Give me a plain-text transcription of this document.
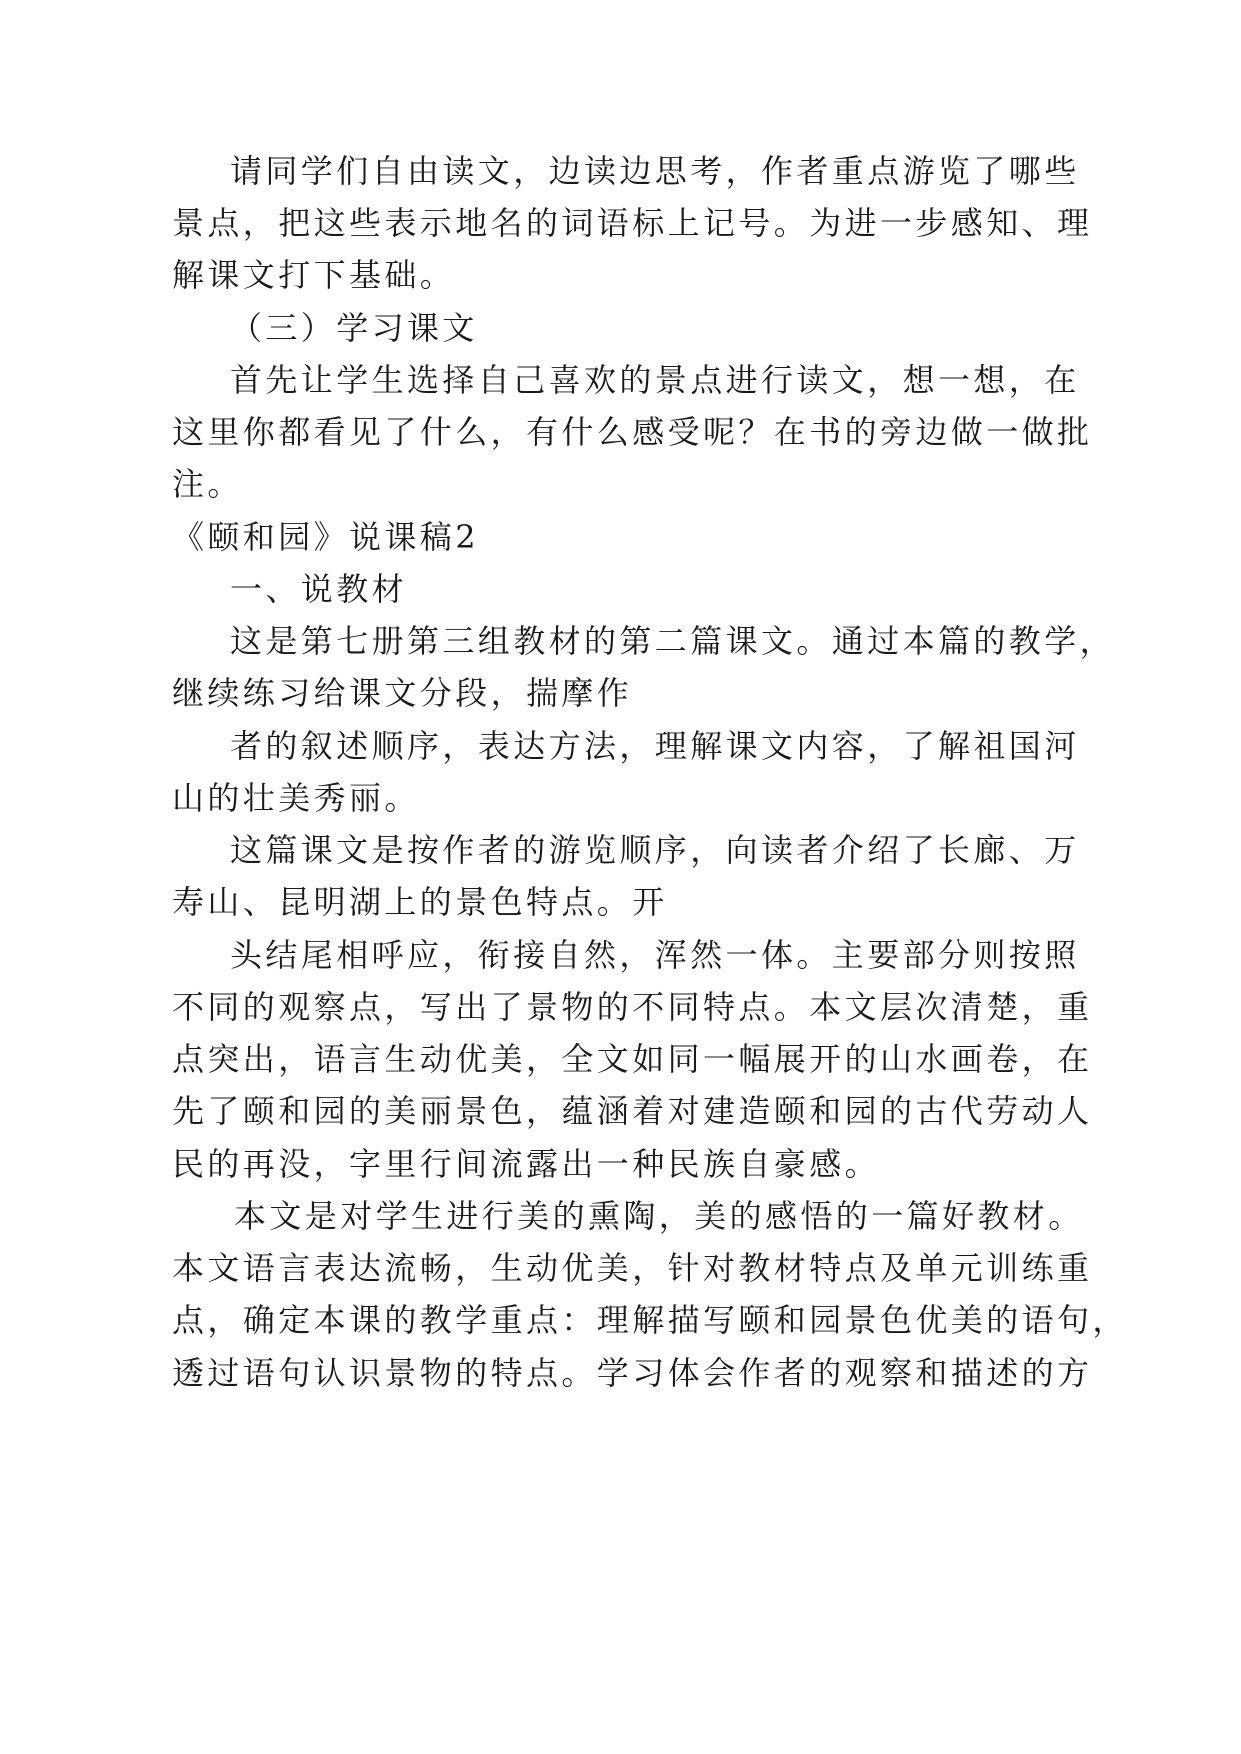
请同学们自由读文，边读边思考，作者重点游览了哪些
景点，把这些表示地名的词语标上记号。为进一步感知、理
解课文打下基础。
（三）学习课文
首先让学生选择自己喜欢的景点进行读文，想一想，在
这里你都看见了什么，有什么感受呢？在书的旁边做一做批
注。
《颐和园》说课稿2
一、说教材
这是第七册第三组教材的第二篇课文。通过本篇的教学，
继续练习给课文分段，揣摩作
者的叙述顺序，表达方法，理解课文内容，了解祖国河
山的壮美秀丽。
这篇课文是按作者的游览顺序，向读者介绍了长廊、万
寿山、昆明湖上的景色特点。开
头结尾相呼应，衔接自然，浑然一体。主要部分则按照
不同的观察点，写出了景物的不同特点。本文层次清楚，重
点突出，语言生动优美，全文如同一幅展开的山水画卷，在
先了颐和园的美丽景色，蕴涵着对建造颐和园的古代劳动人
民的再没，字里行间流露出一种民族自豪感。
本文是对学生进行美的熏陶，美的感悟的一篇好教材。
本文语言表达流畅，生动优美，针对教材特点及单元训练重
点，确定本课的教学重点：理解描写颐和园景色优美的语句，
透过语句认识景物的特点。学习体会作者的观察和描述的方
